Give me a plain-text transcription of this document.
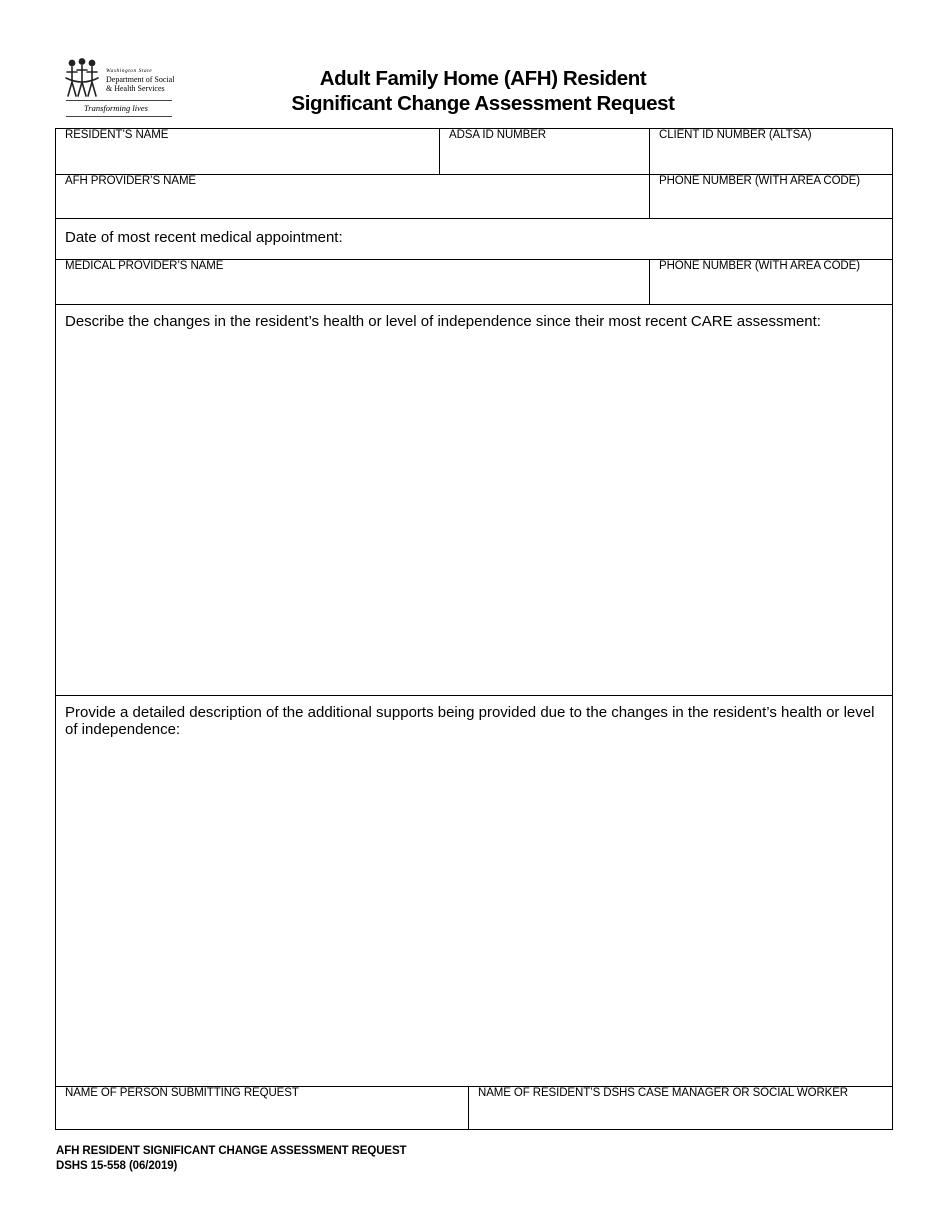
Washington State
Department of Social
& Health Services
Transforming lives
Adult Family Home (AFH) Resident
Significant Change Assessment Request
RESIDENT’S NAME	ADSA ID NUMBER	CLIENT ID NUMBER (ALTSA)
AFH PROVIDER’S NAME	PHONE NUMBER (WITH AREA CODE)
Date of most recent medical appointment:
MEDICAL PROVIDER’S NAME	PHONE NUMBER (WITH AREA CODE)
Describe the changes in the resident’s health or level of independence since their most recent CARE assessment:
Provide a detailed description of the additional supports being provided due to the changes in the resident’s health or level of independence:
NAME OF PERSON SUBMITTING REQUEST	NAME OF RESIDENT’S DSHS CASE MANAGER OR SOCIAL WORKER
AFH RESIDENT SIGNIFICANT CHANGE ASSESSMENT REQUEST
DSHS 15-558 (06/2019)
